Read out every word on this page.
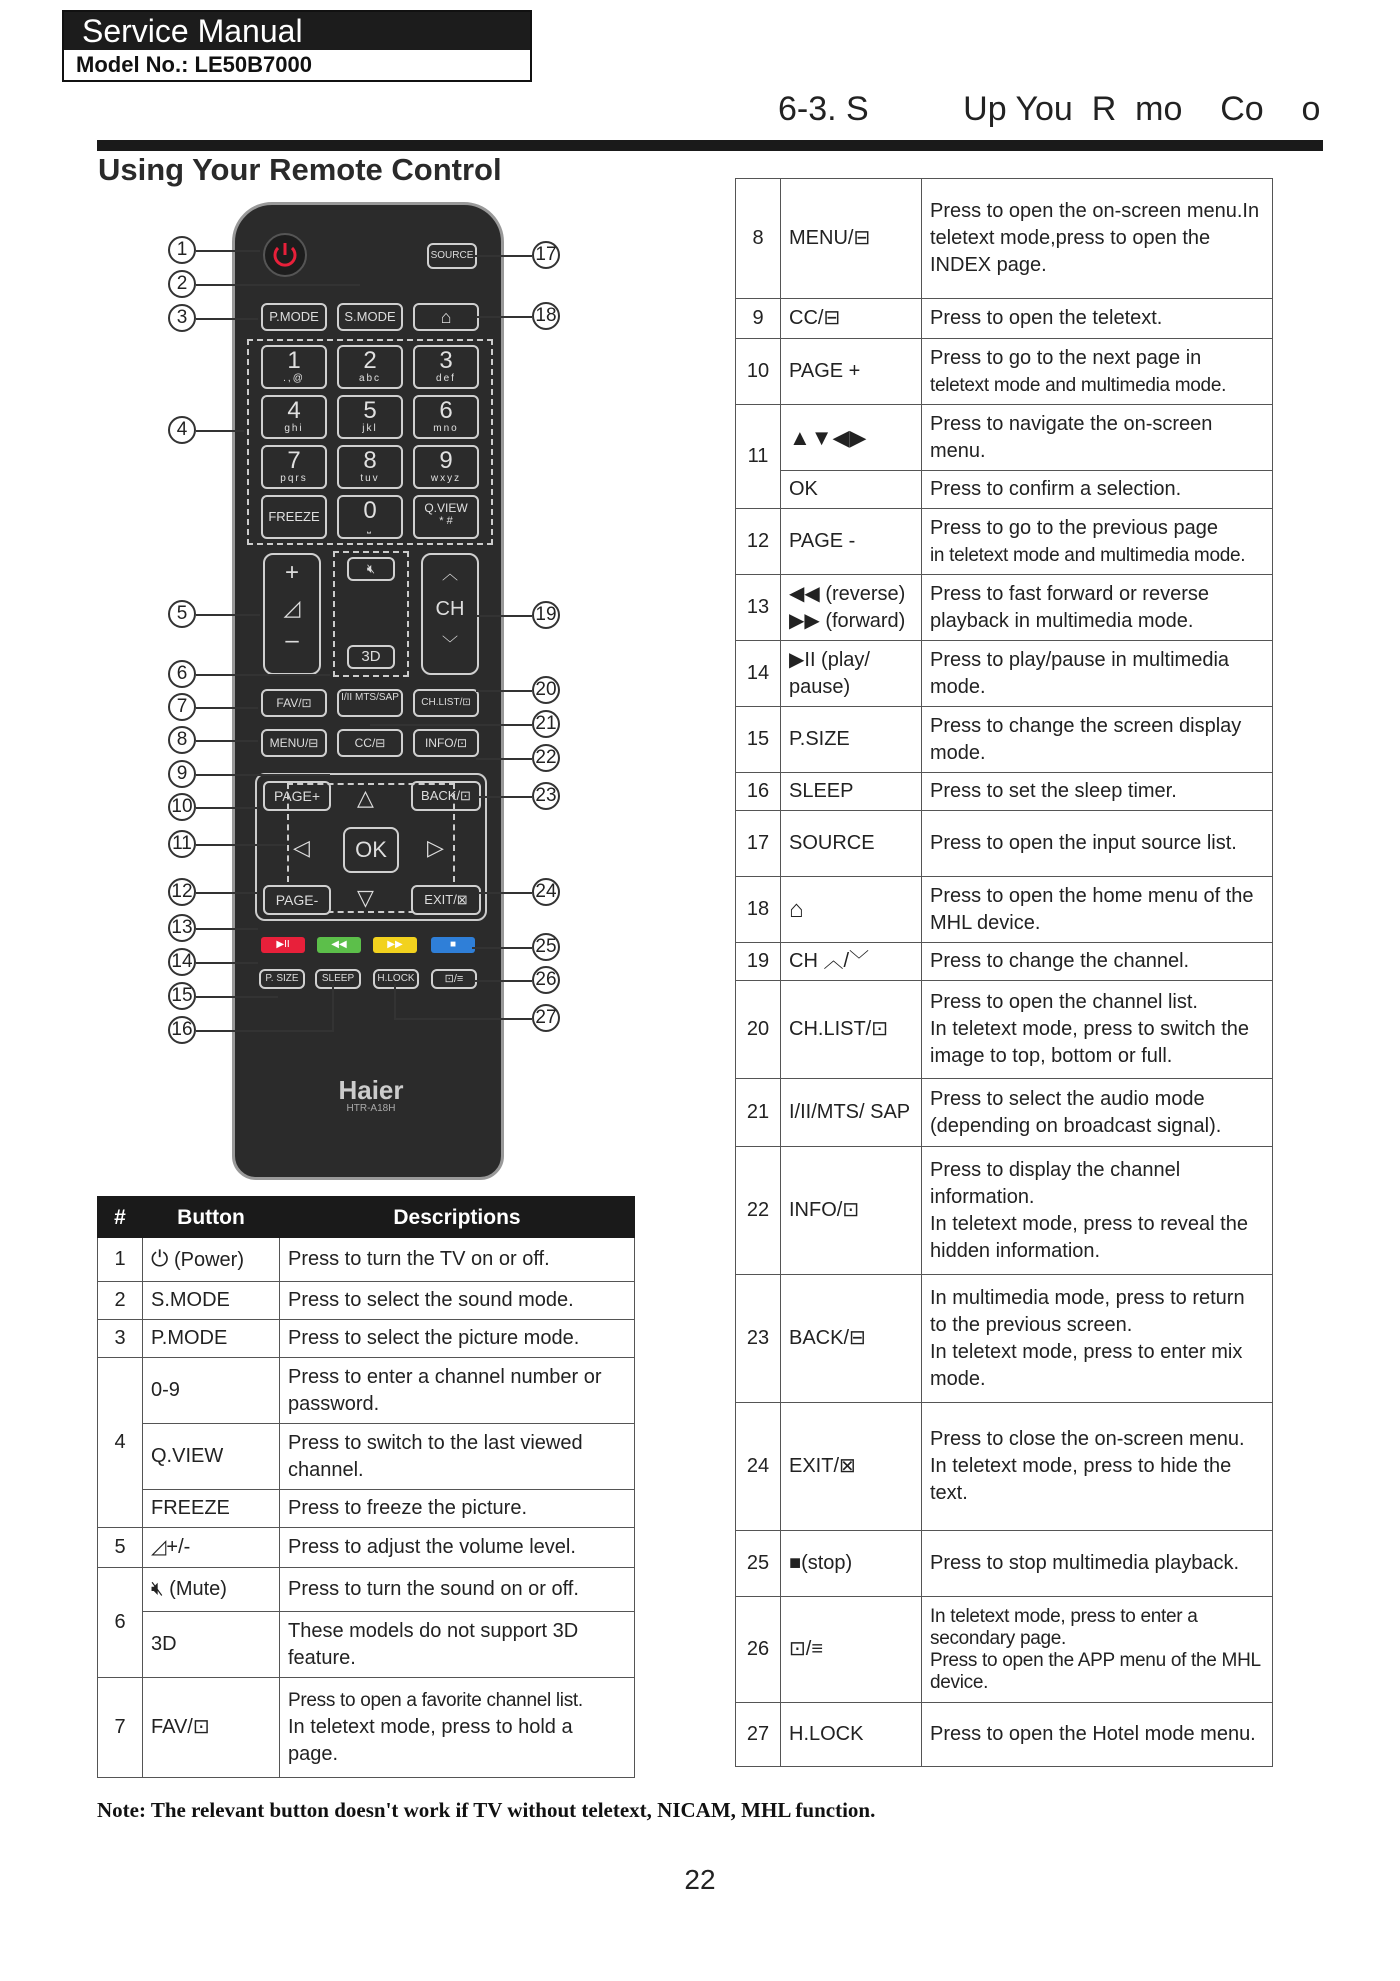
Service Manual
Model No.: LE50B7000
6-3. S          Up You  R  mo    Co    o
Using Your Remote Control
SOURCE
P.MODE	S.MODE	⌂
1
.,@
2
abc
3
def
4
ghi
5
jkl
6
mno
7
pqrs
8
tuv
9
wxyz
FREEZE	0
⎵
Q.VIEW
* #
+
◿
–
🔇︎
3D
︿
CH
﹀
FAV/⊡	I/II MTS/SAP	CH.LIST/⊡
MENU/⊟	CC/⊟	INFO/⊡
PAGE+	BACK/⊡
△
◁	▷
▽
OK
PAGE-	EXIT/⊠
▶II	◀◀	▶▶	■
P. SIZE	SLEEP	H.LOCK	⊡/≡
Haier
HTR-A18H
1
2
3
4
5
6
7
8
9
10
11
12
13
14
15
16
17
18
19
20
21
22
23
24
25
26
27
#	Button	Descriptions
1	⏻ (Power)	Press to turn the TV on or off.
2	S.MODE	Press to select the sound mode.
3	P.MODE	Press to select the picture mode.
4	0-9	Press to enter a channel number or password.
	Q.VIEW	Press to switch to the last viewed channel.
	FREEZE	Press to freeze the picture.
5	◿+/-	Press to adjust the volume level.
6	🔇︎ (Mute)	Press to turn the sound on or off.
	3D	These models do not support 3D feature.
7	FAV/⊡	Press to open a favorite channel list.
In teletext mode, press to hold a page.
8	MENU/⊟	Press to open the on-screen menu.In teletext mode,press to open the INDEX page.
9	CC/⊟	Press to open the teletext.
10	PAGE +	Press to go to the next page in
teletext mode and multimedia mode.

11	▲▼◀▶	Press to navigate the on-screen menu.
	OK	Press to confirm a selection.
12	PAGE -	Press to go to the previous page
in teletext mode and multimedia mode.

13	◀◀ (reverse)
▶▶ (forward)	Press to fast forward or reverse playback in multimedia mode.
14	▶II (play/ pause)	Press to play/pause in multimedia mode.
15	P.SIZE	Press to change the screen display mode.
16	SLEEP	Press to set the sleep timer.
17	SOURCE	Press to open the input source list.
18	⌂	Press to open the home menu of the MHL device.
19	CH ︿/﹀	Press to change the channel.
20	CH.LIST/⊡	Press to open the channel list.
In teletext mode, press to switch the image to top, bottom or full.

21	I/II/MTS/ SAP	Press to select the audio mode (depending on broadcast signal).
22	INFO/⊡	Press to display the channel information.
In teletext mode, press to reveal the hidden information.

23	BACK/⊟	In multimedia mode, press to return to the previous screen.
In teletext mode, press to enter mix mode.

24	EXIT/⊠	Press to close the on-screen menu.
In teletext mode, press to hide the text.

25	■(stop)	Press to stop multimedia playback.
26	⊡/≡	In teletext mode, press to enter a secondary page.
Press to open the APP menu of the MHL device.

27	H.LOCK	Press to open the Hotel mode menu.
Note: The relevant button doesn't work if TV without teletext, NICAM, MHL function.
22
